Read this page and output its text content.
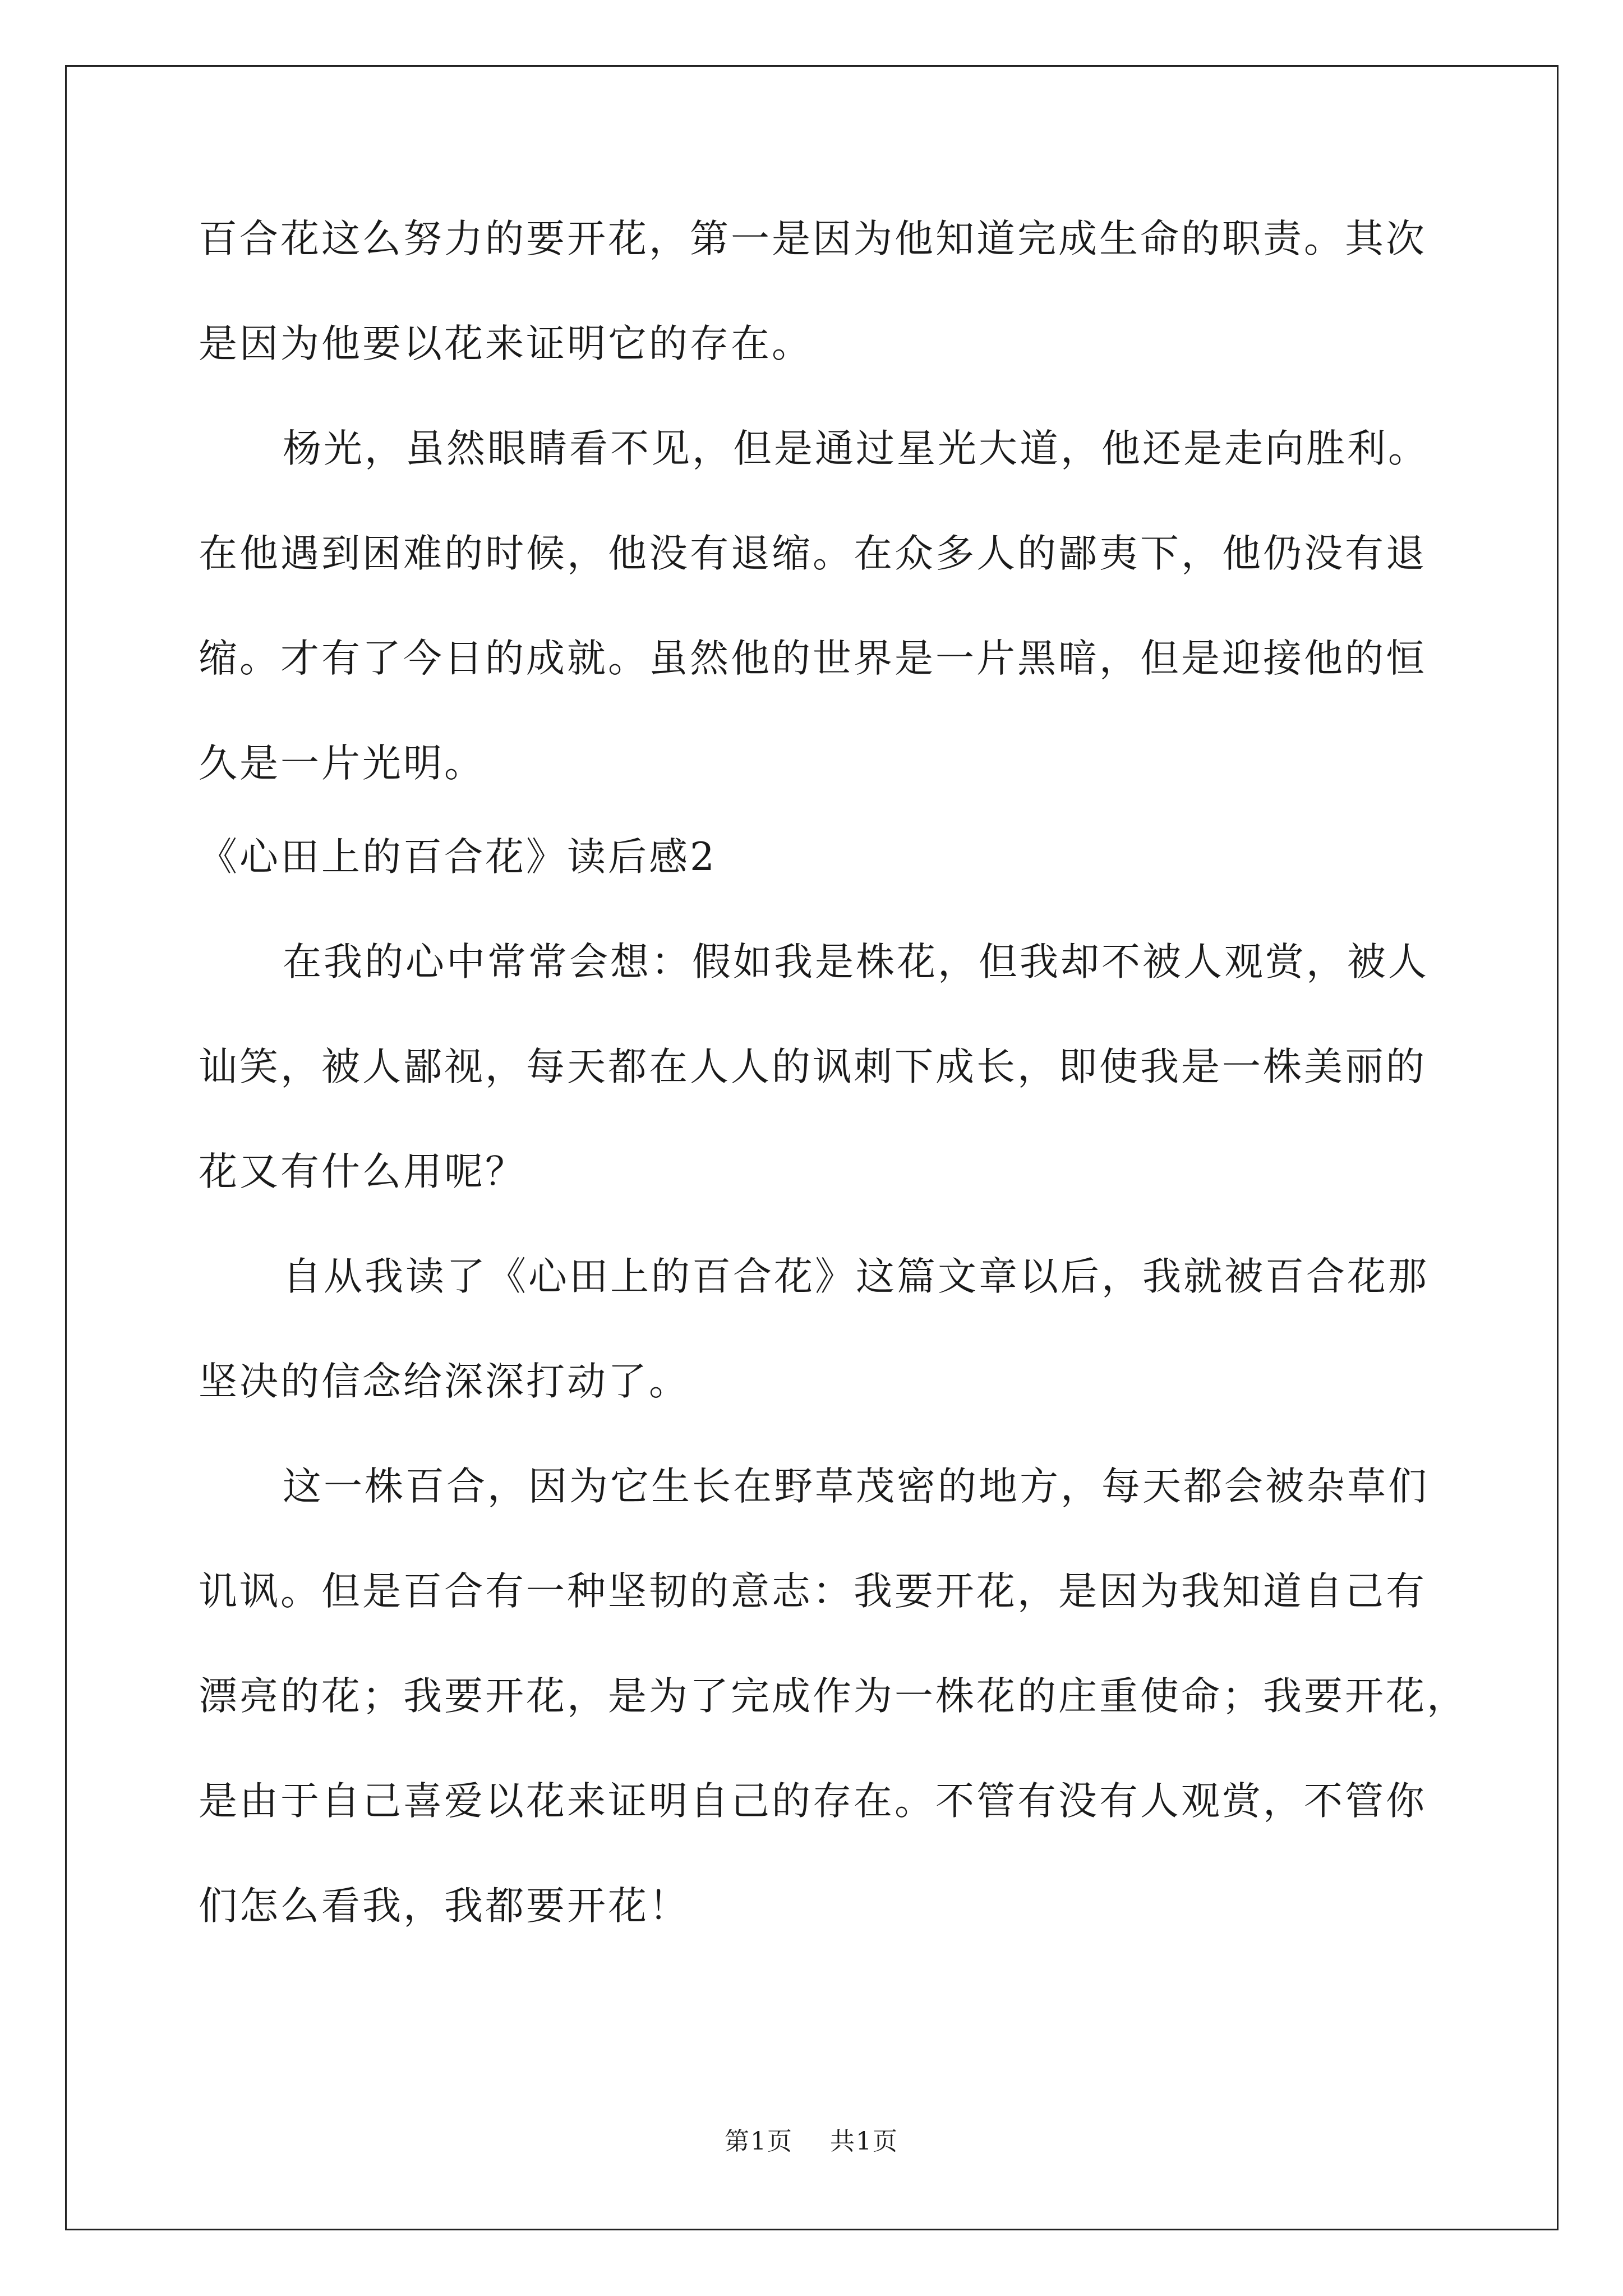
百合花这么努力的要开花，第一是因为他知道完成生命的职责。其次
是因为他要以花来证明它的存在。
杨光，虽然眼睛看不见，但是通过星光大道，他还是走向胜利。
在他遇到困难的时候，他没有退缩。在众多人的鄙夷下，他仍没有退
缩。才有了今日的成就。虽然他的世界是一片黑暗，但是迎接他的恒
久是一片光明。
《心田上的百合花》读后感2
在我的心中常常会想：假如我是株花，但我却不被人观赏，被人
讪笑，被人鄙视，每天都在人人的讽刺下成长，即使我是一株美丽的
花又有什么用呢？
自从我读了《心田上的百合花》这篇文章以后，我就被百合花那
坚决的信念给深深打动了。
这一株百合，因为它生长在野草茂密的地方，每天都会被杂草们
讥讽。但是百合有一种坚韧的意志：我要开花，是因为我知道自己有
漂亮的花；我要开花，是为了完成作为一株花的庄重使命；我要开花，
是由于自己喜爱以花来证明自己的存在。不管有没有人观赏，不管你
们怎么看我，我都要开花！
第1页   共1页
